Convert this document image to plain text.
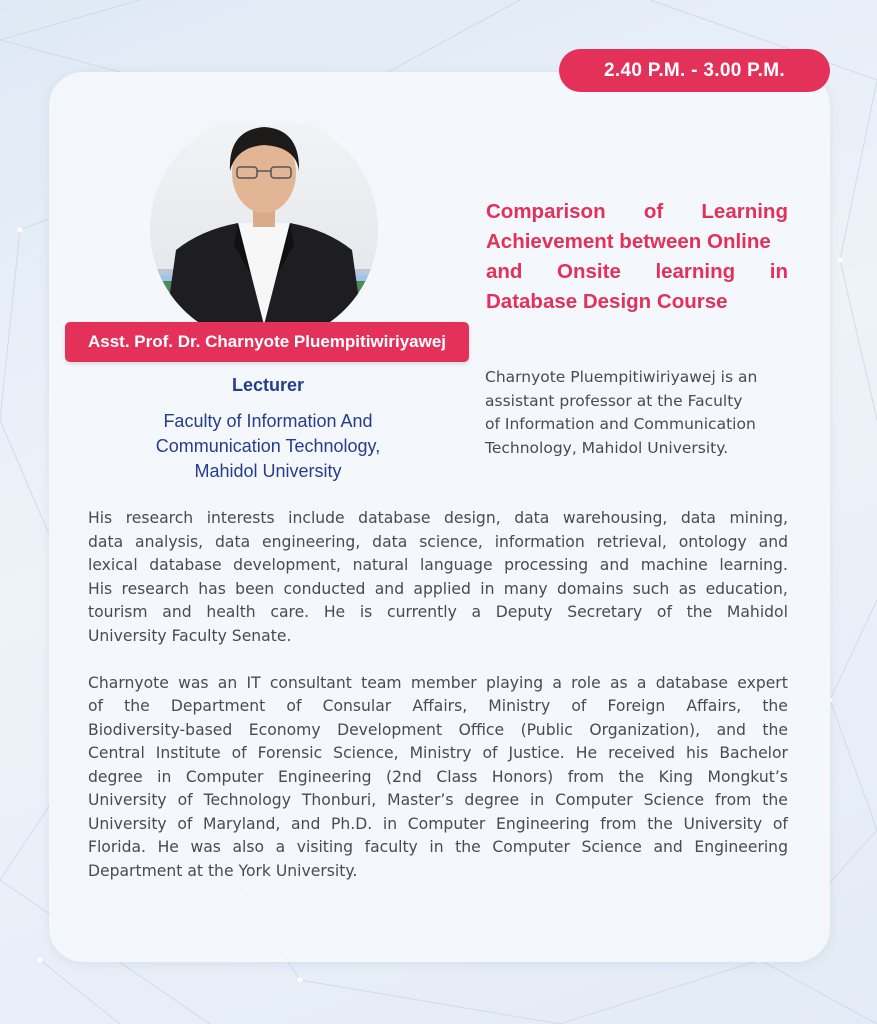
2.40 P.M. - 3.00 P.M.
Asst. Prof. Dr. Charnyote Pluempitiwiriyawej
Lecturer
Faculty of Information And
Communication Technology,
Mahidol University
Comparison of Learning
Achievement between Online
and Onsite learning in
Database Design Course
Charnyote Pluempitiwiriyawej is an
assistant professor at the Faculty
of Information and Communication
Technology, Mahidol University.
His research interests include database design, data warehousing, data mining,
data analysis, data engineering, data science, information retrieval, ontology and
lexical database development, natural language processing and machine learning.
His research has been conducted and applied in many domains such as education,
tourism and health care. He is currently a Deputy Secretary of the Mahidol
University Faculty Senate.
Charnyote was an IT consultant team member playing a role as a database expert
of the Department of Consular Affairs, Ministry of Foreign Affairs, the
Biodiversity-based Economy Development Office (Public Organization), and the
Central Institute of Forensic Science, Ministry of Justice. He received his Bachelor
degree in Computer Engineering (2nd Class Honors) from the King Mongkut’s
University of Technology Thonburi, Master’s degree in Computer Science from the
University of Maryland, and Ph.D. in Computer Engineering from the University of
Florida. He was also a visiting faculty in the Computer Science and Engineering
Department at the York University.
